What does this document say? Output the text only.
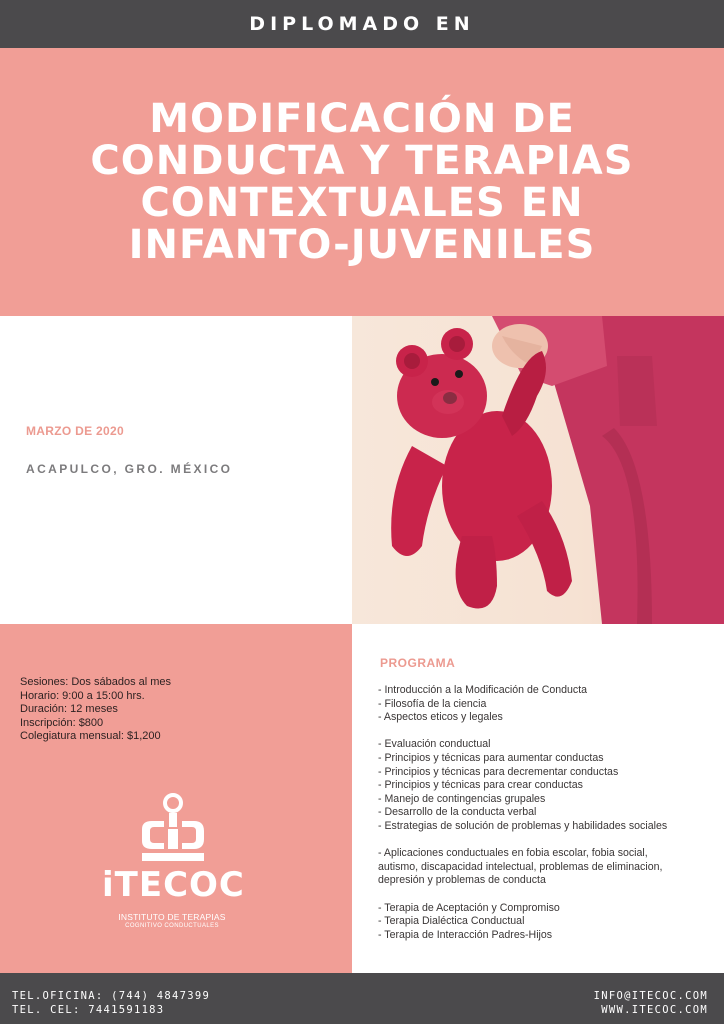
DIPLOMADO EN
MODIFICACIÓN DE CONDUCTA Y TERAPIAS CONTEXTUALES EN INFANTO-JUVENILES
MARZO DE 2020
ACAPULCO, GRO. MÉXICO
Sesiones: Dos sábados al mes
Horario: 9:00 a 15:00 hrs.
Duración: 12 meses
Inscripción: $800
Colegiatura mensual: $1,200
iTECOC
INSTITUTO DE TERAPIAS
COGNITIVO CONDUCTUALES
PROGRAMA
- Introducción a la Modificación de Conducta
- Filosofía de la ciencia
- Aspectos eticos y legales
- Evaluación conductual
- Principios y técnicas para aumentar conductas
- Principios y técnicas para decrementar conductas
- Principios y técnicas para crear conductas
- Manejo de contingencias grupales
- Desarrollo de la conducta verbal
- Estrategias de solución de problemas y habilidades sociales
- Aplicaciones conductuales en fobia escolar, fobia social,
autismo, discapacidad intelectual, problemas de eliminacion,
depresión y problemas de conducta
- Terapia de Aceptación y Compromiso
- Terapia Dialéctica Conductual
- Terapia de Interacción Padres-Hijos
TEL.OFICINA: (744) 4847399
TEL. CEL: 7441591183
INFO@ITECOC.COM
WWW.ITECOC.COM
